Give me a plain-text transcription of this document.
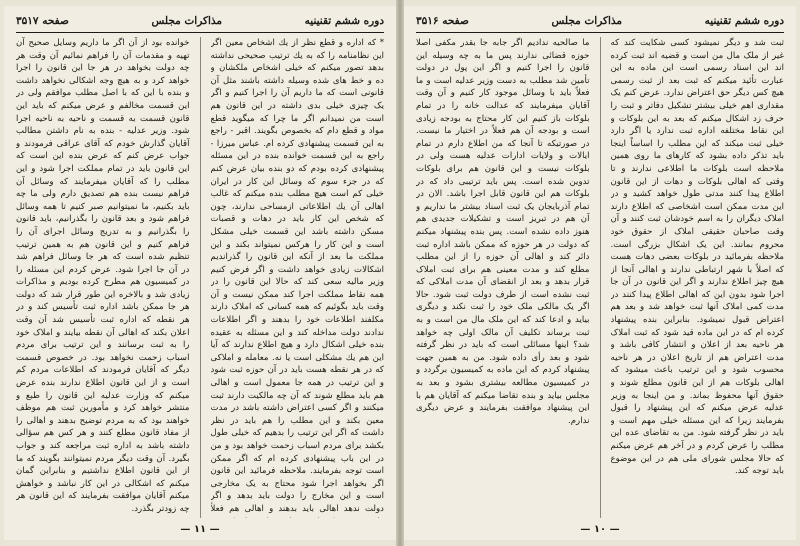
دوره ششم تقنينيه
مذاکرات مجلس
صفحه ۳۵۱۷

* که اداره و قطع نظر از یك اشخاص معین اگر این نظامنامه را که به یك ترتیب صحیحی نداشته بدهد تصور میکنم که خیلی اشخاص ملکشان و ده و خط های شده وسیله داشته باشند مثل آن قانونی است که ما داریم آن را اجرا کنیم و اگر یک چیزی خیلی بدی داشته در این قانون هم است من نمیدانم اگر ما چرا که میگوید قطع مواد و قطع دام که بخصوص بگویند. اقبر - راجع به این قسمت پیشنهادی کرده ام. عباس میرزا - راجع به این قسمت خوانده بنده در این مسئله پیشنهادی کرده بودم که دو بنده بیان عرض کنم که در جزء سوم که وسائل این کار در ایران خیلی کم است هیچ مطلب بنده میکنم که غالب اهالی آن یك اطلاعاتی ازمساحی ندارند، چون که شخص این کار باید در دهات و قصبات مسکن داشته باشد این قسمت خیلی مشکل است و این کار را هرکس نمیتواند بکند و این مملکت ما بعد از آنکه این قانون را گذراندیم اشکالات زیادی خواهد داشت و اگر فرض کنیم وزیر مالیه سعی کند که حالا این قانون را در همه نقاط مملکت اجرا کند ممکن نیست و آن وقت باید بگوئیم که همه کسانی که املاک دارند مکلفند اطلاعات خود را بدهند و اگر اطلاعات ندادند دولت مداخله کند و این مسئله به عقیده بنده خیلی اشکال دارد و هیچ اطلاع ندارند که آیا این هم یك مشکلی است یا نه. معامله و املاکی که در هر نقطه هست باید در آن حوزه ثبت شود و این ترتیب در همه جا معمول است و اهالی هم باید مطلع شوند که آن چه مالکیت دارند ثبت میکنند و اگر کسی اعتراض داشته باشد در مدت معین بکند و این مطلب را هم باید در نظر داشت که اگر این ترتیب را بدهیم که خیلی طول بکشد برای مردم اسباب زحمت خواهد بود و من در این باب پیشنهادی کرده ام که اگر ممکن است توجه بفرمایند. ملاحظه فرمائید این قانون اگر بخواهد اجرا شود محتاج به یک مخارجی است و این مخارج را دولت باید بدهد و اگر دولت ندهد اهالی باید بدهند و اهالی هم فعلاً

خوانده بود از آن اگر ما داریم وسایل صحیح آن تهیه و مقدمات آن را فراهم نمائیم آن وقت هر چه دولت بخواهد در هر جا این قانون را اجرا خواهد کرد و به هیچ وجه اشکالی نخواهد داشت و بنده با این که با اصل مطلب موافقم ولی در این قسمت مخالفم و عرض میکنم که باید این قانون قسمت به قسمت و ناحیه به ناحیه اجرا شود. وزیر عدلیه - بنده به نام داشتن مطالب آقایان گذارش خودم که آقای عراقی فرمودند و جواب عرض کنم که عرض بنده این است که این قانون باید در تمام مملکت اجرا شود و این مطلب را که آقایان میفرمایند که وسائل آن فراهم نیست بنده هم تصدیق دارم ولی ما چه باید بکنیم، ما نمیتوانیم صبر کنیم تا همه وسائل فراهم شود و بعد قانون را بگذرانیم، باید قانون را بگذرانیم و به تدریج وسائل اجرای آن را فراهم کنیم و این قانون هم به همین ترتیب تنظیم شده است که هر جا وسائل فراهم شد در آن جا اجرا شود. عرض کردم این مسئله را در کمیسیون هم مطرح کرده بودیم و مذاکرات زیادی شد و بالاخره این طور قرار شد که دولت هر جا ممکن باشد اداره ثبت تأسیس کند و در هر نقطه که اداره ثبت تأسیس شد آن وقت اعلان بکند که اهالی آن نقطه بیایند و املاک خود را به ثبت برسانند و این ترتیب برای مردم اسباب زحمت نخواهد بود. در خصوص قسمت دیگر که آقایان فرمودند که اطلاعات مردم کم است و از این قانون اطلاع ندارند بنده عرض میکنم که وزارت عدلیه این قانون را طبع و منتشر خواهد کرد و مأمورین ثبت هم موظف خواهند بود که به مردم توضیح بدهند و اهالی را از مفاد قانون مطلع کنند و هر کس هم سؤالی داشته باشد به اداره ثبت مراجعه کند و جواب بگیرد. آن وقت دیگر مردم نمیتوانند بگویند که ما از این قانون اطلاع نداشتیم و بنابراین گمان میکنم که اشکالی در این کار نباشد و خواهش میکنم آقایان موافقت بفرمایند که این قانون هر چه زودتر بگذرد.

— ۱۱ —
دوره ششم تقنينيه
مذاکرات مجلس
صفحه ۳۵۱۶

ثبت شد و دیگر نمیشود کسی شکایت کند که غیر از ملک مال من است و قضیه اند ثبت کرده اند این اسناد رسمی است این ماده به این عبارت تأئید میکنم که ثبت بعد از ثبت رسمی هیچ کس دیگر حق اعتراض ندارد. عرض کنم یک مقداری اهم خیلی بیشتر تشکیل دفاتر و ثبت را حرف زد اشکال میکنم که بعد به این بلوکات و این نقاط مختلفه اداره ثبت ندارد یا اگر دارد خیلی ثبت میکند که این مطلب را اساساً اینجا باید تذکر داده بشود که کارهای ما روی همین ملاحظه است بلوکات ما اطلاعی ندارند و تا وقتی که اهالی بلوکات و دهات از این قانون اطلاع پیدا کنند مدتی طول خواهد کشید و در این مدت ممکن است اشخاصی که اطلاع دارند املاک دیگران را به اسم خودشان ثبت کنند و آن وقت صاحبان حقیقی املاک از حقوق خود محروم بمانند. این یک اشکال بزرگی است. ملاحظه بفرمائید در بلوکات بعضی دهات هست که اصلاً با شهر ارتباطی ندارند و اهالی آنجا از هیچ چیز اطلاع ندارند و اگر این قانون در آن جا اجرا شود بدون این که اهالی اطلاع پیدا کنند در مدت کمی املاک آنها ثبت خواهد شد و بعد هم اعتراض قبول نمیشود. بنابراین بنده پیشنهاد کرده ام که در این ماده قید شود که ثبت املاک هر ناحیه بعد از اعلان و انتشار کافی باشد و مدت اعتراض هم از تاریخ اعلان در هر ناحیه محسوب شود و این ترتیب باعث میشود که اهالی بلوکات هم از این قانون مطلع شوند و حقوق آنها محفوظ بماند. و من اینجا به وزیر عدلیه عرض میکنم که این پیشنهاد را قبول بفرمایند زیرا که این مسئله خیلی مهم است و باید در نظر گرفته شود. من به تقاضای عده این مطلب را عرض کردم و در آخر هم عرض میکنم که حالا مجلس شورای ملی هم در این موضوع باید توجه کند.

ما صالحیه ندادیم اگر جابه جا بقدر مکفی اصلا حوزه قضائی ندارند پس ما به چه وسیله این قانون را اجرا کنیم و اگر این پول در دولت تأمین شد مطلب به دست وزیر عدلیه است و ما فعلاً باید با وسائل موجود کار کنیم و آن وقت آقایان میفرمایند که عدالت خانه را در تمام بلوکات باز کنیم این کار محتاج به بودجه زیادی است و بودجه آن هم فعلاً در اختیار ما نیست. در صورتیکه تا آنجا که من اطلاع دارم در تمام ایالات و ولایات ادارات عدلیه هست ولی در بلوکات نیست و این قانون هم برای بلوکات تدوین شده است. پس باید ترتیبی داد که در بلوکات هم این قانون قابل اجرا باشد. الان در تمام آذربایجان یک ثبت اسناد بیشتر ما نداریم و آن هم در تبریز است و تشکیلات جدیدی هم هنوز داده نشده است. پس بنده پیشنهاد میکنم که دولت در هر حوزه که ممکن باشد اداره ثبت دائر کند و اهالی آن حوزه را از این مطلب مطلع کند و مدت معینی هم برای ثبت املاک قرار بدهد و بعد از انقضای آن مدت املاکی که ثبت نشده است از طرف دولت ثبت شود. حالا اگر یک مالکی ملک خود را ثبت نکند و دیگری بیاید و ادعا کند که این ملک مال من است و به ثبت برساند تکلیف آن مالک اولی چه خواهد شد؟ اینها مسائلی است که باید در نظر گرفته شود و بعد رأی داده شود. من به همین جهت پیشنهاد کردم که این ماده به کمیسیون برگردد و در کمیسیون مطالعه بیشتری بشود و بعد به مجلس بیاید و بنده تقاضا میکنم که آقایان هم با این پیشنهاد موافقت بفرمایند و عرض دیگری ندارم.

— ۱۰ —
